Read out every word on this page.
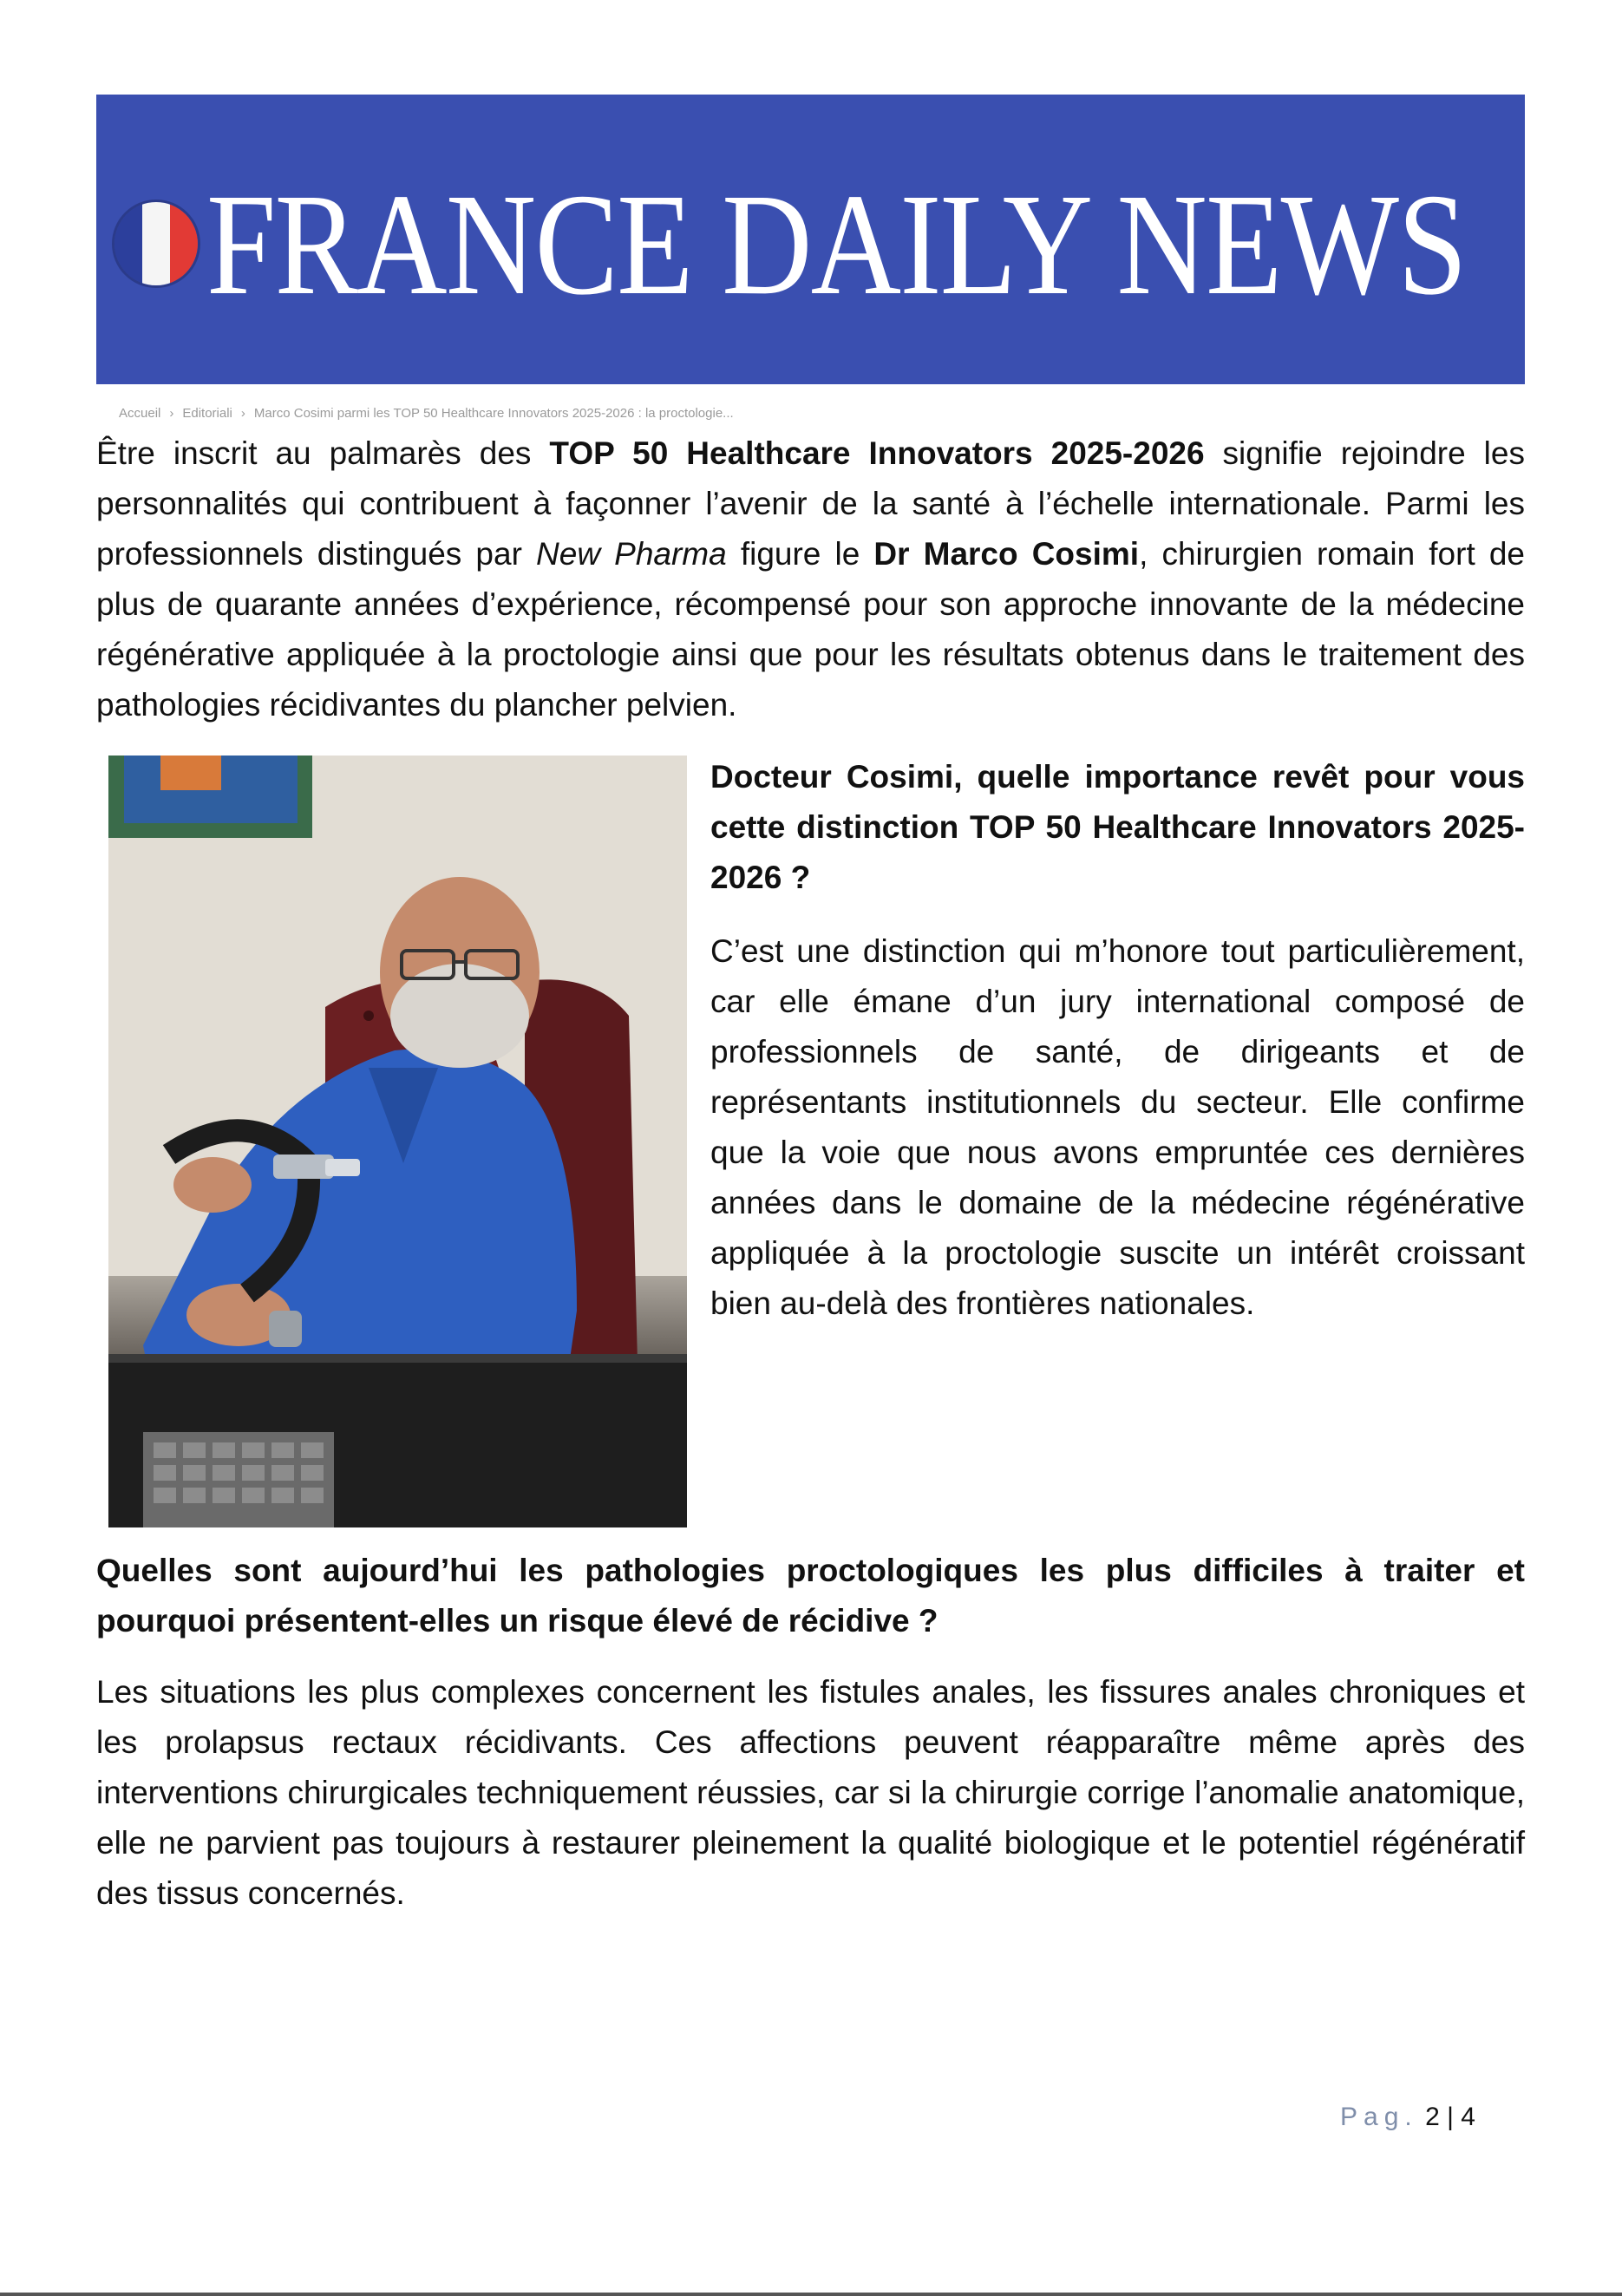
FRANCE DAILY NEWS
Accueil › Editoriali › Marco Cosimi parmi les TOP 50 Healthcare Innovators 2025-2026 : la proctologie...

Être inscrit au palmarès des TOP 50 Healthcare Innovators 2025-2026 signifie rejoindre les personnalités qui contribuent à façonner l’avenir de la santé à l’échelle internationale. Parmi les professionnels distingués par New Pharma figure le Dr Marco Cosimi, chirurgien romain fort de plus de quarante années d’expérience, récompensé pour son approche innovante de la médecine régénérative appliquée à la proctologie ainsi que pour les résultats obtenus dans le traitement des pathologies récidivantes du plancher pelvien.

Docteur Cosimi, quelle importance revêt pour vous cette distinction TOP 50 Healthcare Innovators 2025-2026 ?

C’est une distinction qui m’honore tout particulièrement, car elle émane d’un jury international composé de professionnels de santé, de dirigeants et de représentants institutionnels du secteur. Elle confirme que la voie que nous avons empruntée ces dernières années dans le domaine de la médecine régénérative appliquée à la proctologie suscite un intérêt croissant bien au-delà des frontières nationales.

Quelles sont aujourd’hui les pathologies proctologiques les plus difficiles à traiter et pourquoi présentent-elles un risque élevé de récidive ?

Les situations les plus complexes concernent les fistules anales, les fissures anales chroniques et les prolapsus rectaux récidivants. Ces affections peuvent réapparaître même après des interventions chirurgicales techniquement réussies, car si la chirurgie corrige l’anomalie anatomique, elle ne parvient pas toujours à restaurer pleinement la qualité biologique et le potentiel régénératif des tissus concernés.

Pag. 2 | 4
